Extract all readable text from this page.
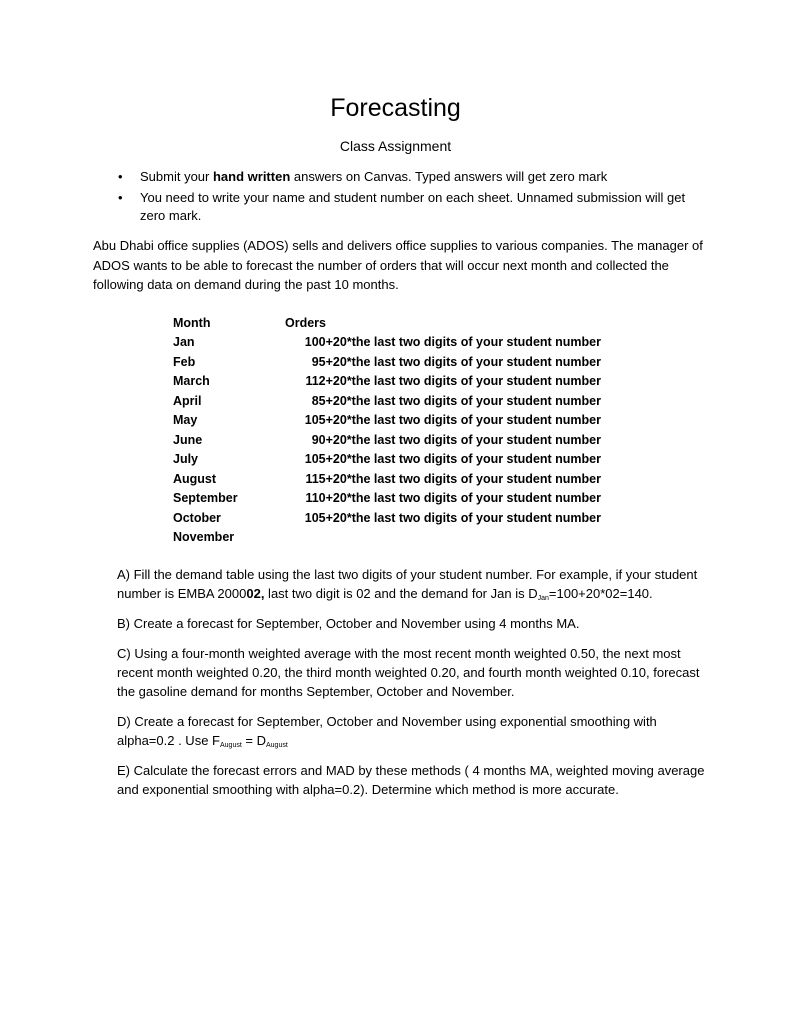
Forecasting
Class Assignment
• Submit your hand written answers on Canvas. Typed answers will get zero mark
• You need to write your name and student number on each sheet. Unnamed submission will get zero mark.

Abu Dhabi office supplies (ADOS) sells and delivers office supplies to various companies. The manager of ADOS wants to be able to forecast the number of orders that will occur next month and collected the following data on demand during the past 10 months.

Month	Orders
Jan	100+20*the last two digits of your student number
Feb	95+20*the last two digits of your student number
March	112+20*the last two digits of your student number
April	85+20*the last two digits of your student number
May	105+20*the last two digits of your student number
June	90+20*the last two digits of your student number
July	105+20*the last two digits of your student number
August	115+20*the last two digits of your student number
September	110+20*the last two digits of your student number
October	105+20*the last two digits of your student number
November	

A) Fill the demand table using the last two digits of your student number. For example, if your student number is EMBA 200002, last two digit is 02 and the demand for Jan is $D_{Jan}=100+20*02=140$.

B) Create a forecast for September, October and November using 4 months MA.

C) Using a four-month weighted average with the most recent month weighted 0.50, the next most recent month weighted 0.20, the third month weighted 0.20, and fourth month weighted 0.10, forecast the gasoline demand for months September, October and November.

D) Create a forecast for September, October and November using exponential smoothing with alpha=0.2 . Use $F_{August} = D_{August}$

E) Calculate the forecast errors and MAD by these methods ( 4 months MA, weighted moving average and exponential smoothing with alpha=0.2). Determine which method is more accurate.
